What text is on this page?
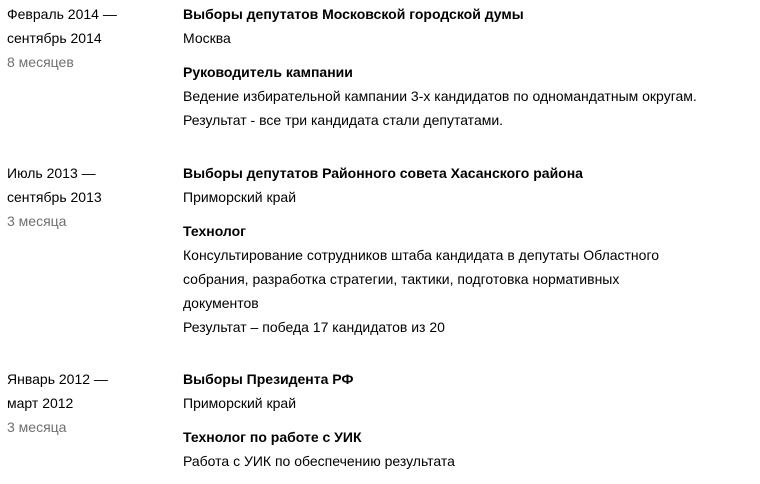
Февраль 2014 —
сентябрь 2014
8 месяцев
Выборы депутатов Московской городской думы
Москва
Руководитель кампании
Ведение избирательной кампании 3-х кандидатов по одномандатным округам.
Результат - все три кандидата стали депутатами.
Июль 2013 —
сентябрь 2013
3 месяца
Выборы депутатов Районного совета Хасанского района
Приморский край
Технолог
Консультирование сотрудников штаба кандидата в депутаты Областного
собрания, разработка стратегии, тактики, подготовка нормативных
документов
Результат – победа 17 кандидатов из 20
Январь 2012 —
март 2012
3 месяца
Выборы Президента РФ
Приморский край
Технолог по работе с УИК
Работа с УИК по обеспечению результата
